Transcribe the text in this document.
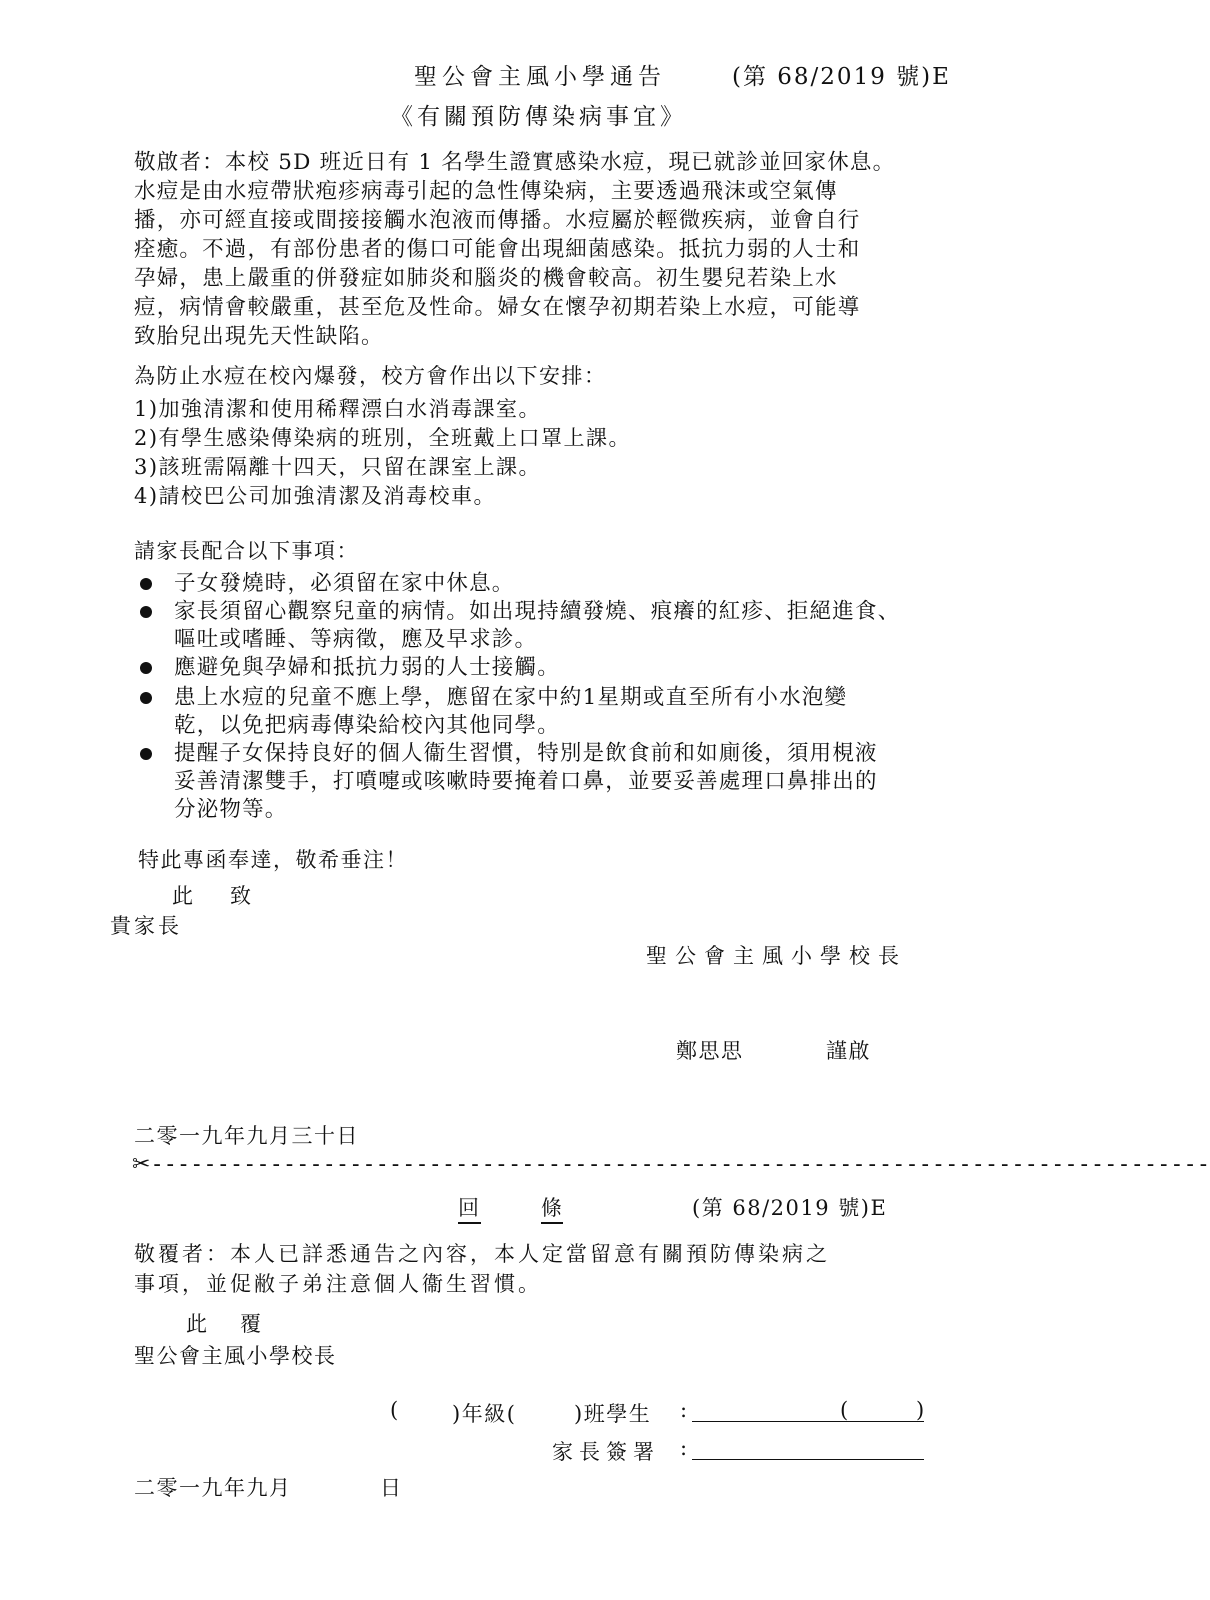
聖公會主風小學通告	(第 68/2019 號)E
《有關預防傳染病事宜》
敬啟者：本校 5D 班近日有 1 名學生證實感染水痘，現已就診並回家休息。
水痘是由水痘帶狀疱疹病毒引起的急性傳染病，主要透過飛沫或空氣傳
播，亦可經直接或間接接觸水泡液而傳播。水痘屬於輕微疾病，並會自行
痊癒。不過，有部份患者的傷口可能會出現細菌感染。抵抗力弱的人士和
孕婦，患上嚴重的併發症如肺炎和腦炎的機會較高。初生嬰兒若染上水
痘，病情會較嚴重，甚至危及性命。婦女在懷孕初期若染上水痘，可能導
致胎兒出現先天性缺陷。
為防止水痘在校內爆發，校方會作出以下安排：
1)加強清潔和使用稀釋漂白水消毒課室。
2)有學生感染傳染病的班別，全班戴上口罩上課。
3)該班需隔離十四天，只留在課室上課。
4)請校巴公司加強清潔及消毒校車。
請家長配合以下事項：
子女發燒時，必須留在家中休息。
家長須留心觀察兒童的病情。如出現持續發燒、痕癢的紅疹、拒絕進食、
嘔吐或嗜睡、等病徵，應及早求診。
應避免與孕婦和抵抗力弱的人士接觸。
患上水痘的兒童不應上學，應留在家中約1星期或直至所有小水泡變
乾，以免把病毒傳染給校內其他同學。
提醒子女保持良好的個人衞生習慣，特別是飲食前和如廁後，須用梘液
妥善清潔雙手，打噴嚏或咳嗽時要掩着口鼻，並要妥善處理口鼻排出的
分泌物等。
特此專函奉達，敬希垂注！
此 致
貴家長
聖公會主風小學校長
鄭思思	謹啟
二零一九年九月三十日
✂--------------------------------------------------------------------------------
回	條	(第 68/2019 號)E
敬覆者：本人已詳悉通告之內容，本人定當留意有關預防傳染病之
事項，並促敝子弟注意個人衞生習慣。
此 覆
聖公會主風小學校長
( )年級(	)班學生 :	(	)
家長簽署 :
二零一九年九月	日
